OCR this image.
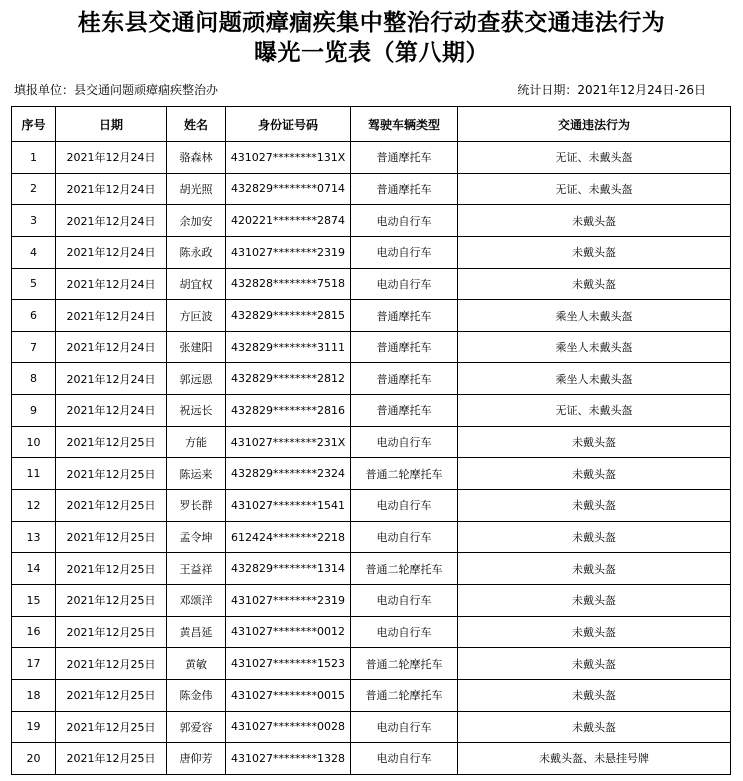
桂东县交通问题顽瘴痼疾集中整治行动查获交通违法行为
曝光一览表（第八期）
填报单位：县交通问题顽瘴痼疾整治办	统计日期：2021年12月24日-26日
序号	日期	姓名	身份证号码	驾驶车辆类型	交通违法行为
1	2021年12月24日	骆森林	431027********131X	普通摩托车	无证、未戴头盔
2	2021年12月24日	胡光照	432829********0714	普通摩托车	无证、未戴头盔
3	2021年12月24日	余加安	420221********2874	电动自行车	未戴头盔
4	2021年12月24日	陈永政	431027********2319	电动自行车	未戴头盔
5	2021年12月24日	胡宜权	432828********7518	电动自行车	未戴头盔
6	2021年12月24日	方叵波	432829********2815	普通摩托车	乘坐人未戴头盔
7	2021年12月24日	张建阳	432829********3111	普通摩托车	乘坐人未戴头盔
8	2021年12月24日	郭远恩	432829********2812	普通摩托车	乘坐人未戴头盔
9	2021年12月24日	祝远长	432829********2816	普通摩托车	无证、未戴头盔
10	2021年12月25日	方能	431027********231X	电动自行车	未戴头盔
11	2021年12月25日	陈运来	432829********2324	普通二轮摩托车	未戴头盔
12	2021年12月25日	罗长群	431027********1541	电动自行车	未戴头盔
13	2021年12月25日	孟令坤	612424********2218	电动自行车	未戴头盔
14	2021年12月25日	王益祥	432829********1314	普通二轮摩托车	未戴头盔
15	2021年12月25日	邓颂洋	431027********2319	电动自行车	未戴头盔
16	2021年12月25日	黄昌延	431027********0012	电动自行车	未戴头盔
17	2021年12月25日	黄敏	431027********1523	普通二轮摩托车	未戴头盔
18	2021年12月25日	陈金伟	431027********0015	普通二轮摩托车	未戴头盔
19	2021年12月25日	郭爱容	431027********0028	电动自行车	未戴头盔
20	2021年12月25日	唐仰芳	431027********1328	电动自行车	未戴头盔、未悬挂号牌
